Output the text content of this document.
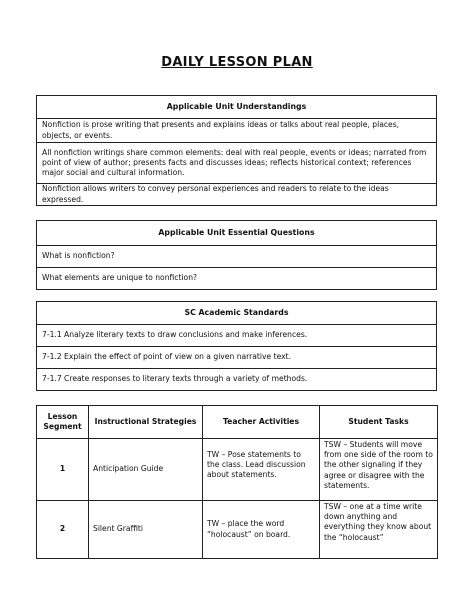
DAILY LESSON PLAN
Applicable Unit Understandings
Nonfiction is prose writing that presents and explains ideas or talks about real people, places, objects, or events.
All nonfiction writings share common elements: deal with real people, events or ideas; narrated from point of view of author; presents facts and discusses ideas; reflects historical context; references major social and cultural information.
Nonfiction allows writers to convey personal experiences and readers to relate to the ideas expressed.
Applicable Unit Essential Questions
What is nonfiction?
What elements are unique to nonfiction?
SC Academic Standards
7-1.1 Analyze literary texts to draw conclusions and make inferences.
7-1.2 Explain the effect of point of view on a given narrative text.
7-1.7 Create responses to literary texts through a variety of methods.
Lesson Segment	Instructional Strategies	Teacher Activities	Student Tasks
1	Anticipation Guide	TW – Pose statements to the class. Lead discussion about statements.	TSW – Students will move from one side of the room to the other signaling if they agree or disagree with the statements.
2	Silent Graffiti	TW – place the word “holocaust” on board.	TSW – one at a time write down anything and everything they know about the “holocaust”
